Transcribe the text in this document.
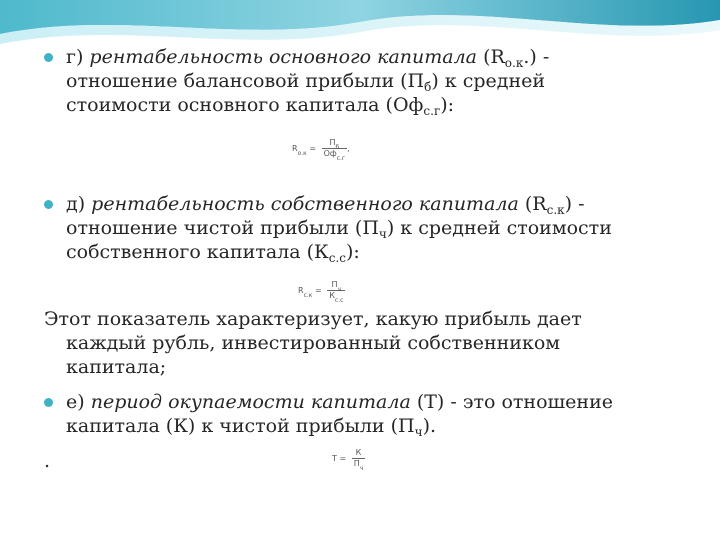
г) рентабельность основного капитала $(R_{о.к}.)$ -
отношение балансовой прибыли $(П_б)$ к средней
стоимости основного капитала $(Оф_{с.г})$:
$R_{о.к} = \frac{П_б}{Оф_{с.г}}$ ,
д) рентабельность собственного капитала $(R_{с.к})$ -
отношение чистой прибыли $(П_ч)$ к средней стоимости
собственного капитала $(К_{с.с})$:
$R_{с.к} = \frac{П_ч}{К_{с.с}}$
Этот показатель характеризует, какую прибыль дает
каждый рубль, инвестированный собственником
капитала;
е) период окупаемости капитала (Т) - это отношение
капитала (К) к чистой прибыли $(П_ч)$.
$Т = \frac{К}{П_ч}$
.
